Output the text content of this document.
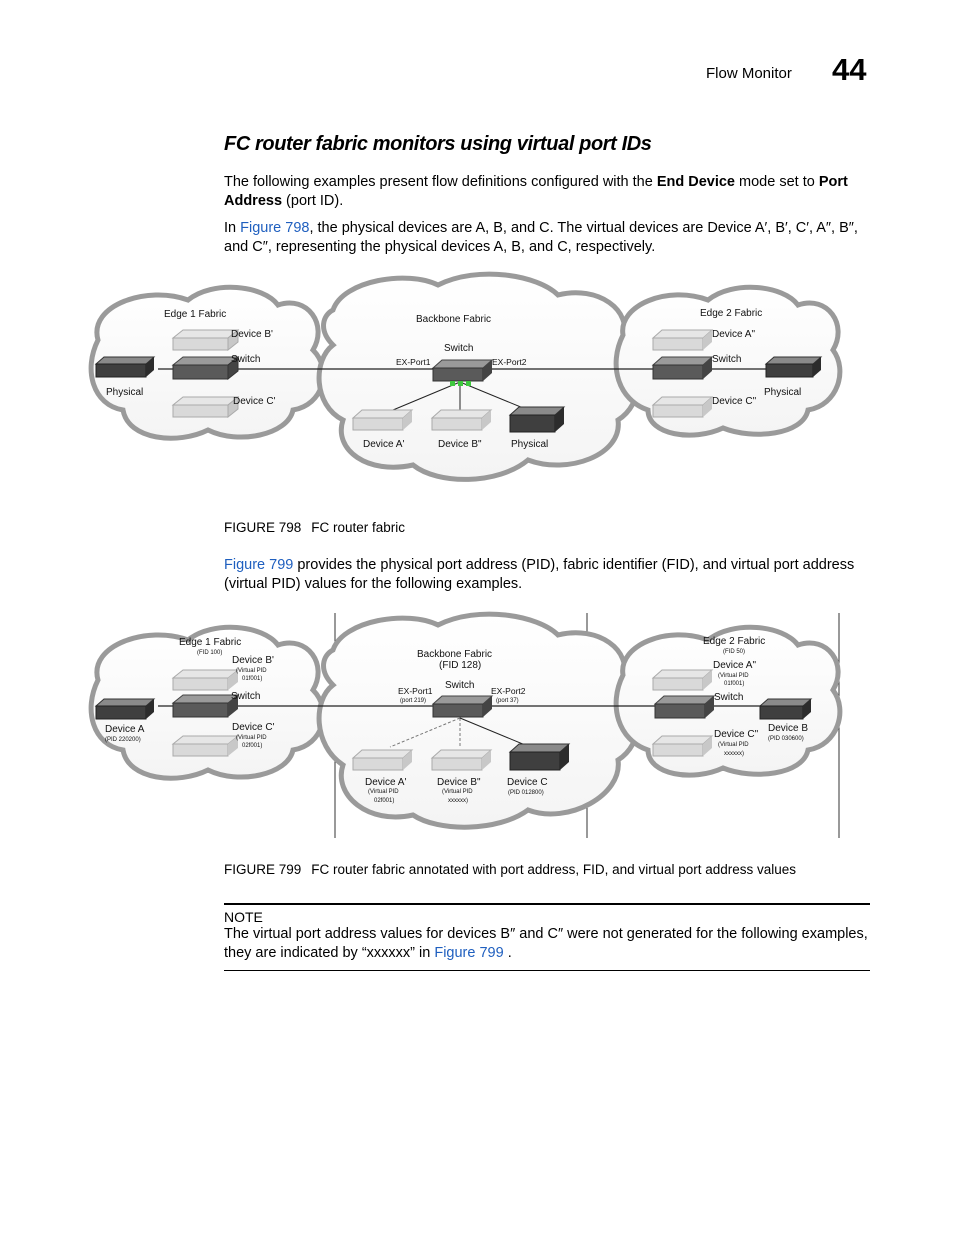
Flow Monitor 44
FC router fabric monitors using virtual port IDs
The following examples present flow definitions configured with the End Device mode set to Port Address (port ID).
In Figure 798, the physical devices are A, B, and C. The virtual devices are Device A′, B′, C′, A″, B″, and C″, representing the physical devices A, B, and C, respectively.
Edge 1 Fabric
Device B'
Switch
Physical
Device C'
Backbone Fabric
Switch
EX-Port1	EX-Port2
Device A'	Device B"	Physical
Edge 2 Fabric
Device A"
Switch
Physical
Device C"
FIGURE 798 FC router fabric
Figure 799 provides the physical port address (PID), fabric identifier (FID), and virtual port address (virtual PID) values for the following examples.
Edge 1 Fabric
(FID 100)
Device B'
(Virtual PID
01f001)
Switch
Device A
(PID 220200)
Device C'
(Virtual PID
02f001)
Backbone Fabric
(FID 128)
Switch
EX-Port1
(port 219)
EX-Port2
(port 37)
Device A'
(Virtual PID
02f001)
Device B"
(Virtual PID
xxxxxx)
Device C
(PID 012800)
Edge 2 Fabric
(FID 50)
Device A"
(Virtual PID
01f001)
Switch
Device B
(PID 030600)
Device C"
(Virtual PID
xxxxxx)
FIGURE 799 FC router fabric annotated with port address, FID, and virtual port address values
NOTE
The virtual port address values for devices B″ and C″ were not generated for the following examples, they are indicated by “xxxxxx” in Figure 799 .
